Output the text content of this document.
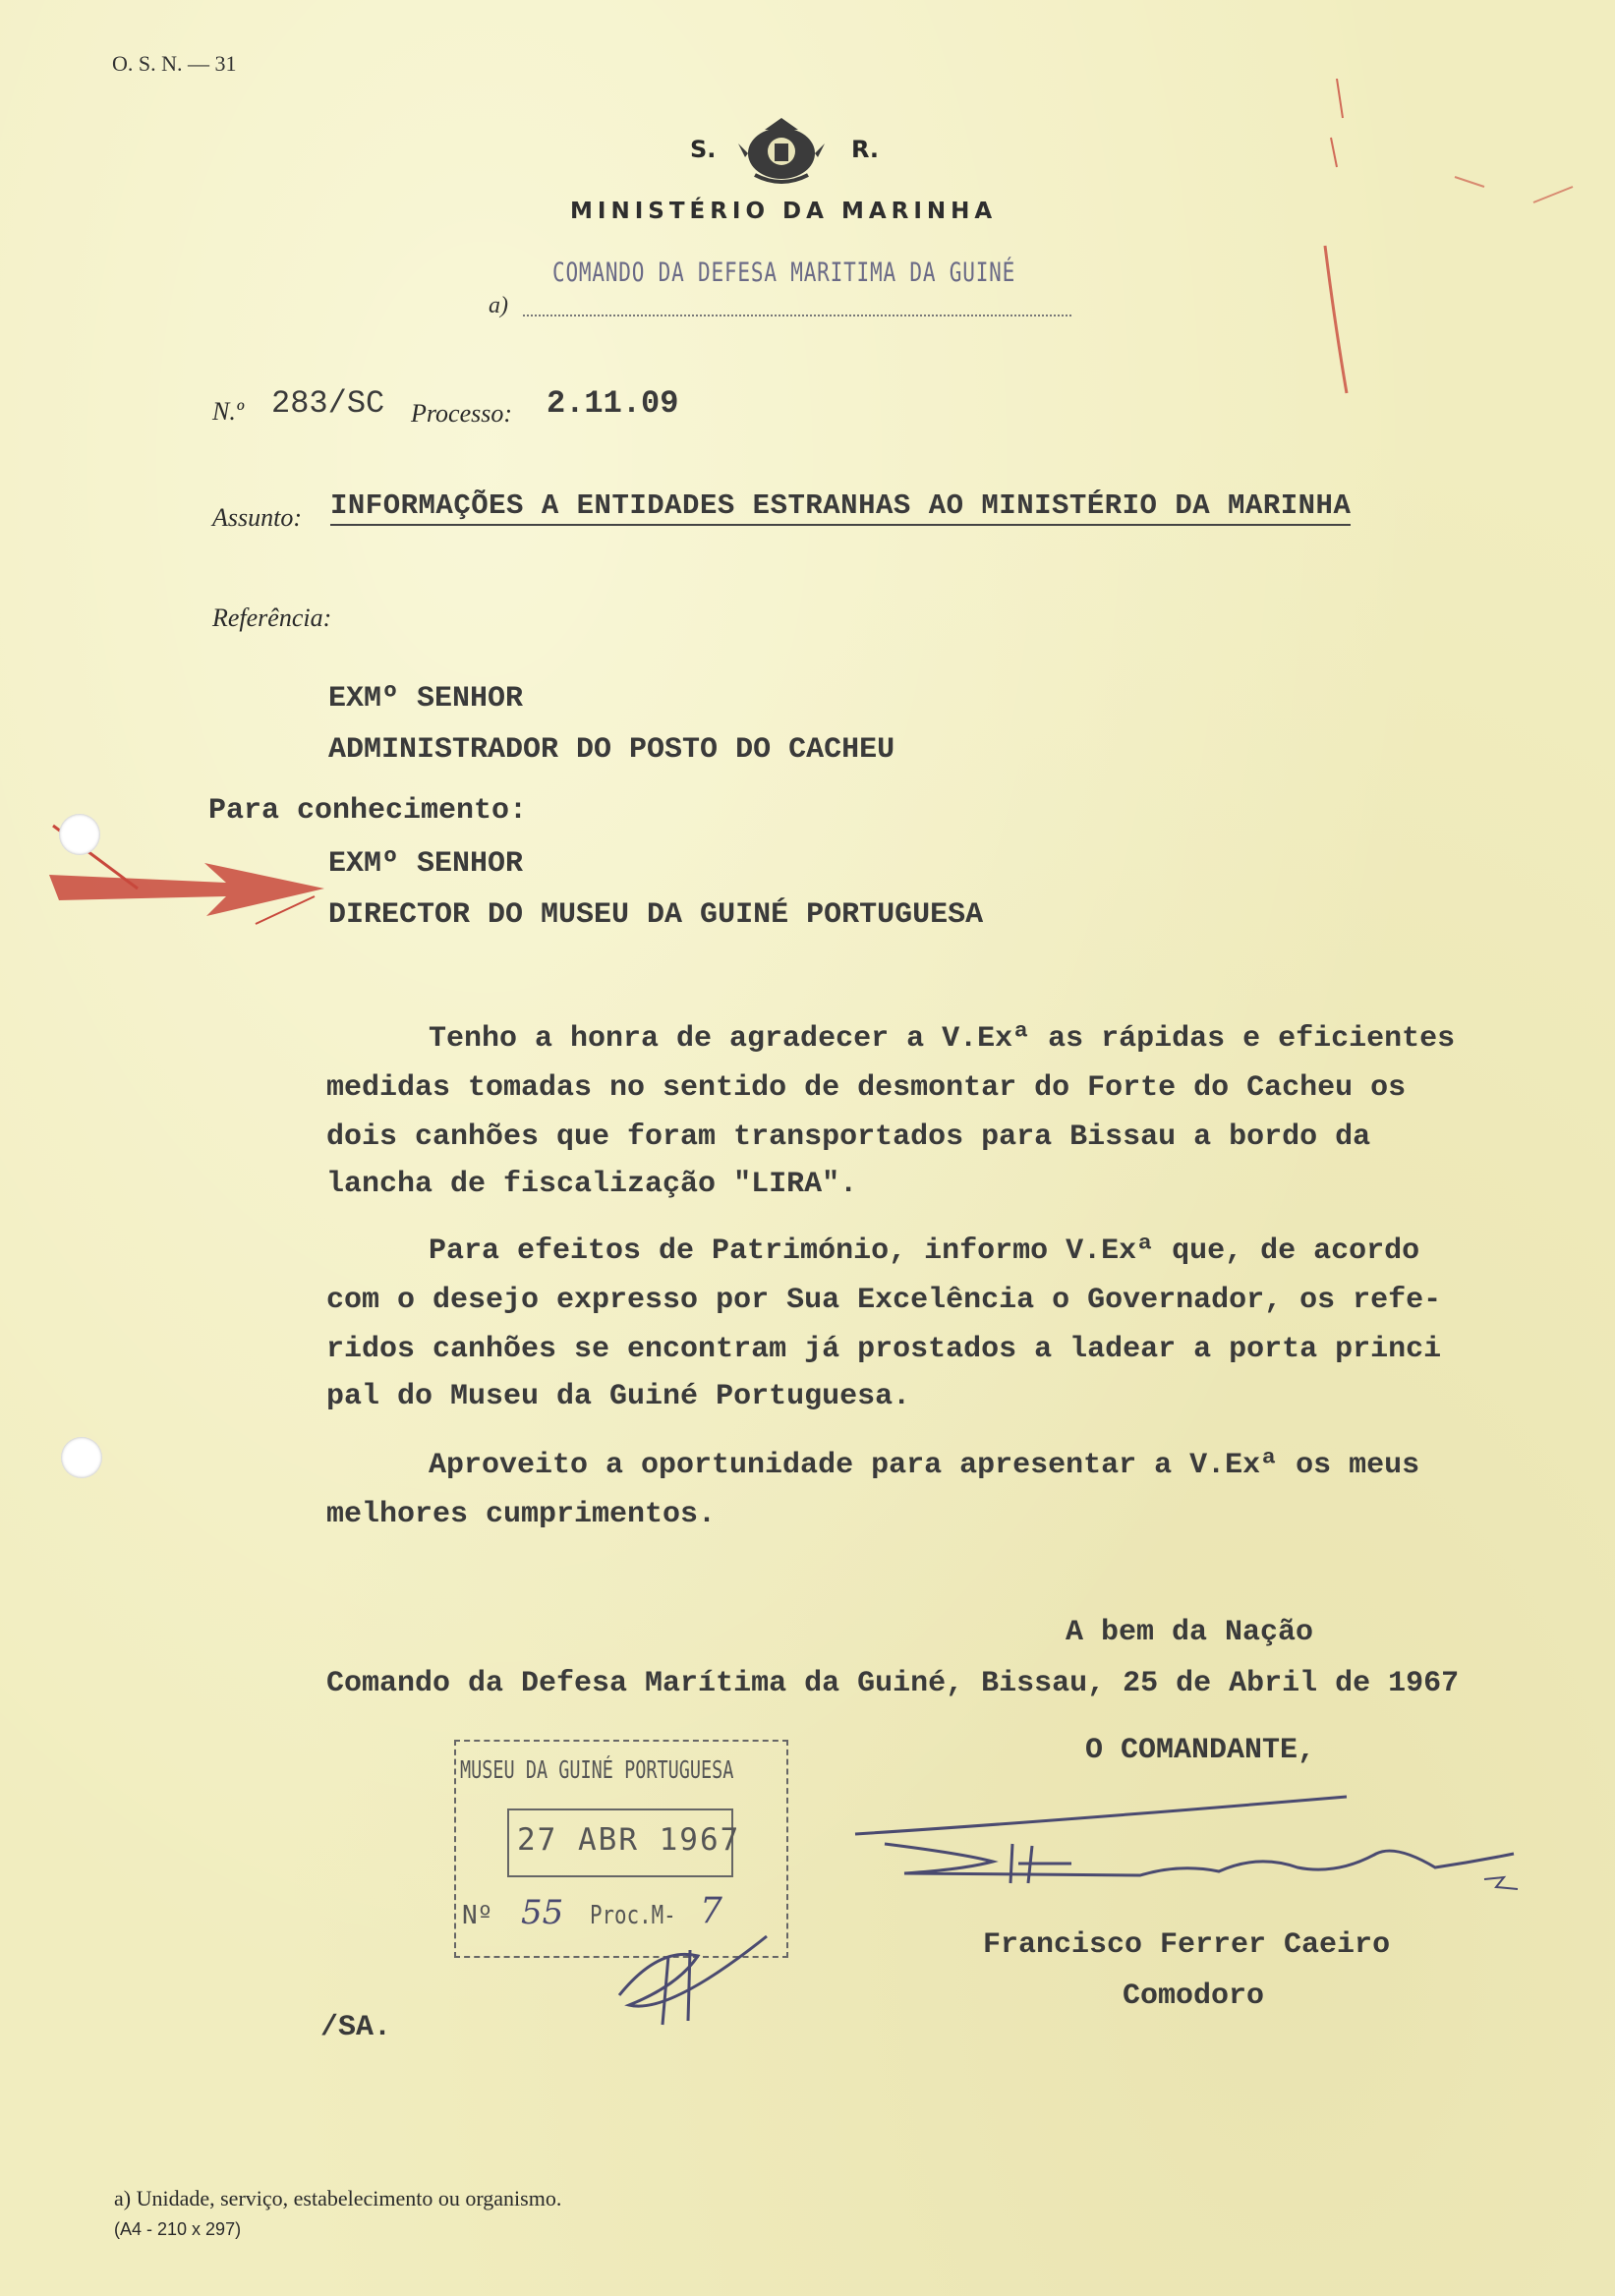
O. S. N. — 31
S.	R.
MINISTÉRIO DA MARINHA
a)
COMANDO DA DEFESA MARITIMA DA GUINÉ
N.º 283/SC Processo: 2.11.09
Assunto: INFORMAÇÕES A ENTIDADES ESTRANHAS AO MINISTÉRIO DA MARINHA
Referência:
EXMº SENHOR
ADMINISTRADOR DO POSTO DO CACHEU
Para conhecimento:
EXMº SENHOR
DIRECTOR DO MUSEU DA GUINÉ PORTUGUESA
Tenho a honra de agradecer a V.Exª as rápidas e eficientes
medidas tomadas no sentido de desmontar do Forte do Cacheu os
dois canhões que foram transportados para Bissau a bordo da
lancha de fiscalização "LIRA".
Para efeitos de Património, informo V.Exª que, de acordo
com o desejo expresso por Sua Excelência o Governador, os refe-
ridos canhões se encontram já prostados a ladear a porta princi
pal do Museu da Guiné Portuguesa.
Aproveito a oportunidade para apresentar a V.Exª os meus
melhores cumprimentos.
A bem da Nação
Comando da Defesa Marítima da Guiné, Bissau, 25 de Abril de 1967
O COMANDANTE,
Francisco Ferrer Caeiro
Comodoro
MUSEU DA GUINÉ PORTUGUESA
27 ABR 1967
Nº 55 Proc.M- 7
/SA.
a) Unidade, serviço, estabelecimento ou organismo.
(A4 - 210 x 297)
